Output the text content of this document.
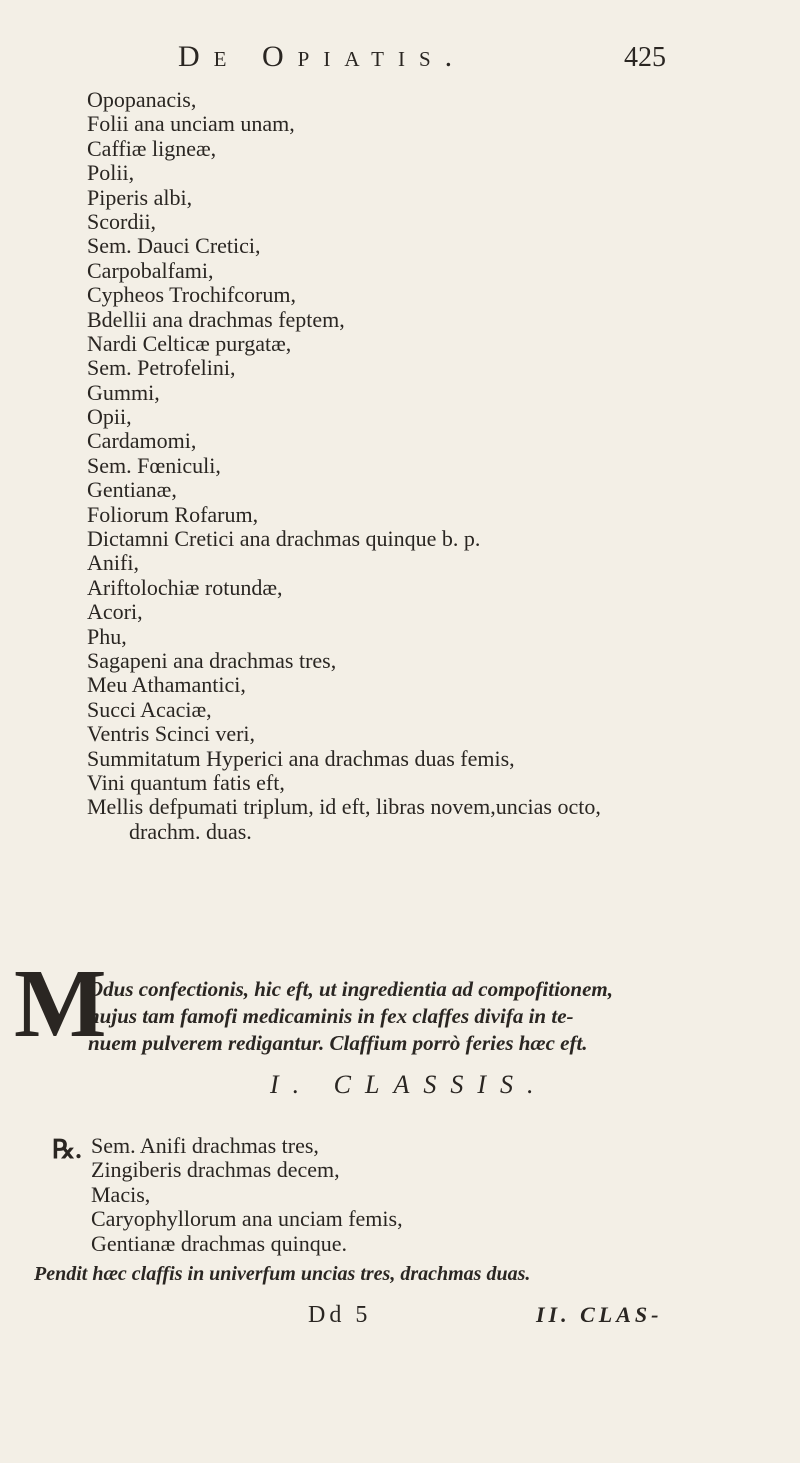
De Opiatis.	425
Opopanacis,
Folii ana unciam unam,
Caffiæ ligneæ,
Polii,
Piperis albi,
Scordii,
Sem. Dauci Cretici,
Carpobalfami,
Cypheos Trochifcorum,
Bdellii ana drachmas feptem,
Nardi Celticæ purgatæ,
Sem. Petrofelini,
Gummi,
Opii,
Cardamomi,
Sem. Fœniculi,
Gentianæ,
Foliorum Rofarum,
Dictamni Cretici ana drachmas quinque b. p.
Anifi,
Ariftolochiæ rotundæ,
Acori,
Phu,
Sagapeni ana drachmas tres,
Meu Athamantici,
Succi Acaciæ,
Ventris Scinci veri,
Summitatum Hyperici ana drachmas duas femis,
Vini quantum fatis eft,
Mellis defpumati triplum, id eft, libras novem,uncias octo,
drachm. duas.
M
Odus confectionis, hic eft, ut ingredientia ad compofitionem,
hujus tam famofi medicaminis in fex claffes divifa in te-
nuem pulverem redigantur. Claffium porrò feries hæc eft.
I. CLASSIS.
℞. Sem. Anifi drachmas tres,
Zingiberis drachmas decem,
Macis,
Caryophyllorum ana unciam femis,
Gentianæ drachmas quinque.
Pendit hæc claffis in univerfum uncias tres, drachmas duas.
Dd 5	II. CLAS-
